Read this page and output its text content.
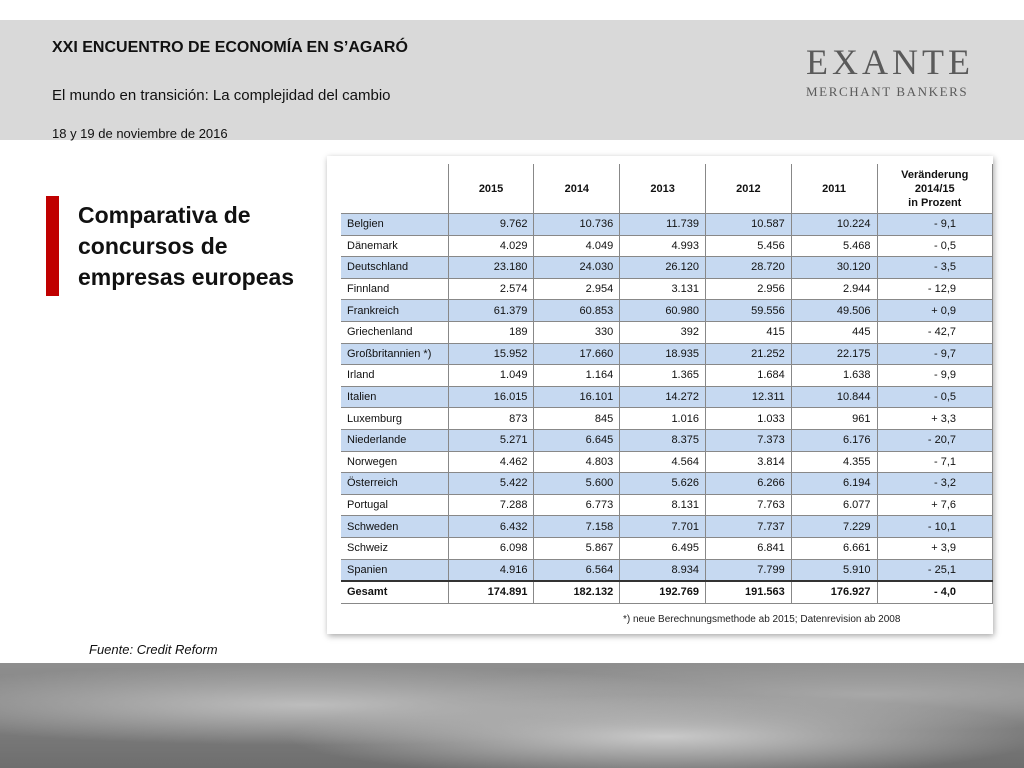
XXI ENCUENTRO DE ECONOMÍA EN S’AGARÓ
El mundo en transición: La complejidad del cambio
18 y 19 de noviembre de 2016
EXANTE
MERCHANT BANKERS
Comparativa de concursos de empresas europeas
	2015	2014	2013	2012	2011	Veränderung
2014/15
in Prozent
Belgien	9.762	10.736	11.739	10.587	10.224	- 9,1
Dänemark	4.029	4.049	4.993	5.456	5.468	- 0,5
Deutschland	23.180	24.030	26.120	28.720	30.120	- 3,5
Finnland	2.574	2.954	3.131	2.956	2.944	- 12,9
Frankreich	61.379	60.853	60.980	59.556	49.506	+ 0,9
Griechenland	189	330	392	415	445	- 42,7
Großbritannien *)	15.952	17.660	18.935	21.252	22.175	- 9,7
Irland	1.049	1.164	1.365	1.684	1.638	- 9,9
Italien	16.015	16.101	14.272	12.311	10.844	- 0,5
Luxemburg	873	845	1.016	1.033	961	+ 3,3
Niederlande	5.271	6.645	8.375	7.373	6.176	- 20,7
Norwegen	4.462	4.803	4.564	3.814	4.355	- 7,1
Österreich	5.422	5.600	5.626	6.266	6.194	- 3,2
Portugal	7.288	6.773	8.131	7.763	6.077	+ 7,6
Schweden	6.432	7.158	7.701	7.737	7.229	- 10,1
Schweiz	6.098	5.867	6.495	6.841	6.661	+ 3,9
Spanien	4.916	6.564	8.934	7.799	5.910	- 25,1
Gesamt	174.891	182.132	192.769	191.563	176.927	- 4,0
*) neue Berechnungsmethode ab 2015; Datenrevision ab 2008
Fuente: Credit Reform
